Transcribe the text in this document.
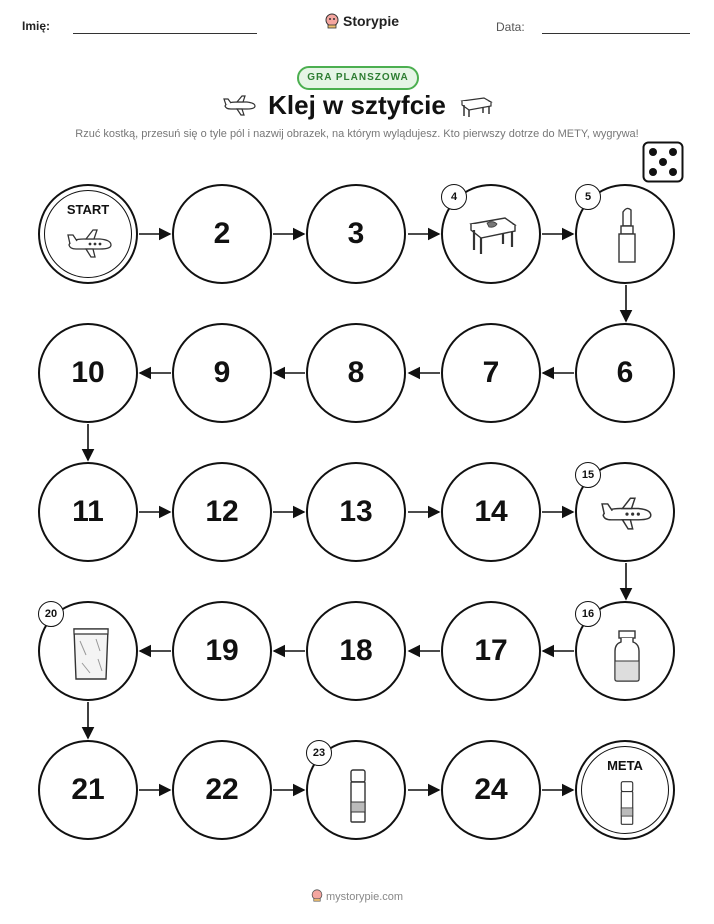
Imię:	Storypie	Data:
GRA PLANSZOWA
Klej w sztyfcie
Rzuć kostką, przesuń się o tyle pól i nazwij obrazek, na którym wylądujesz. Kto pierwszy dotrze do METY, wygrywa!
START
2	3
4	5
10	9	8	7	6
11	12	13	14
15
20
19	18	17
16
21	22
23
24
META
mystorypie.com
